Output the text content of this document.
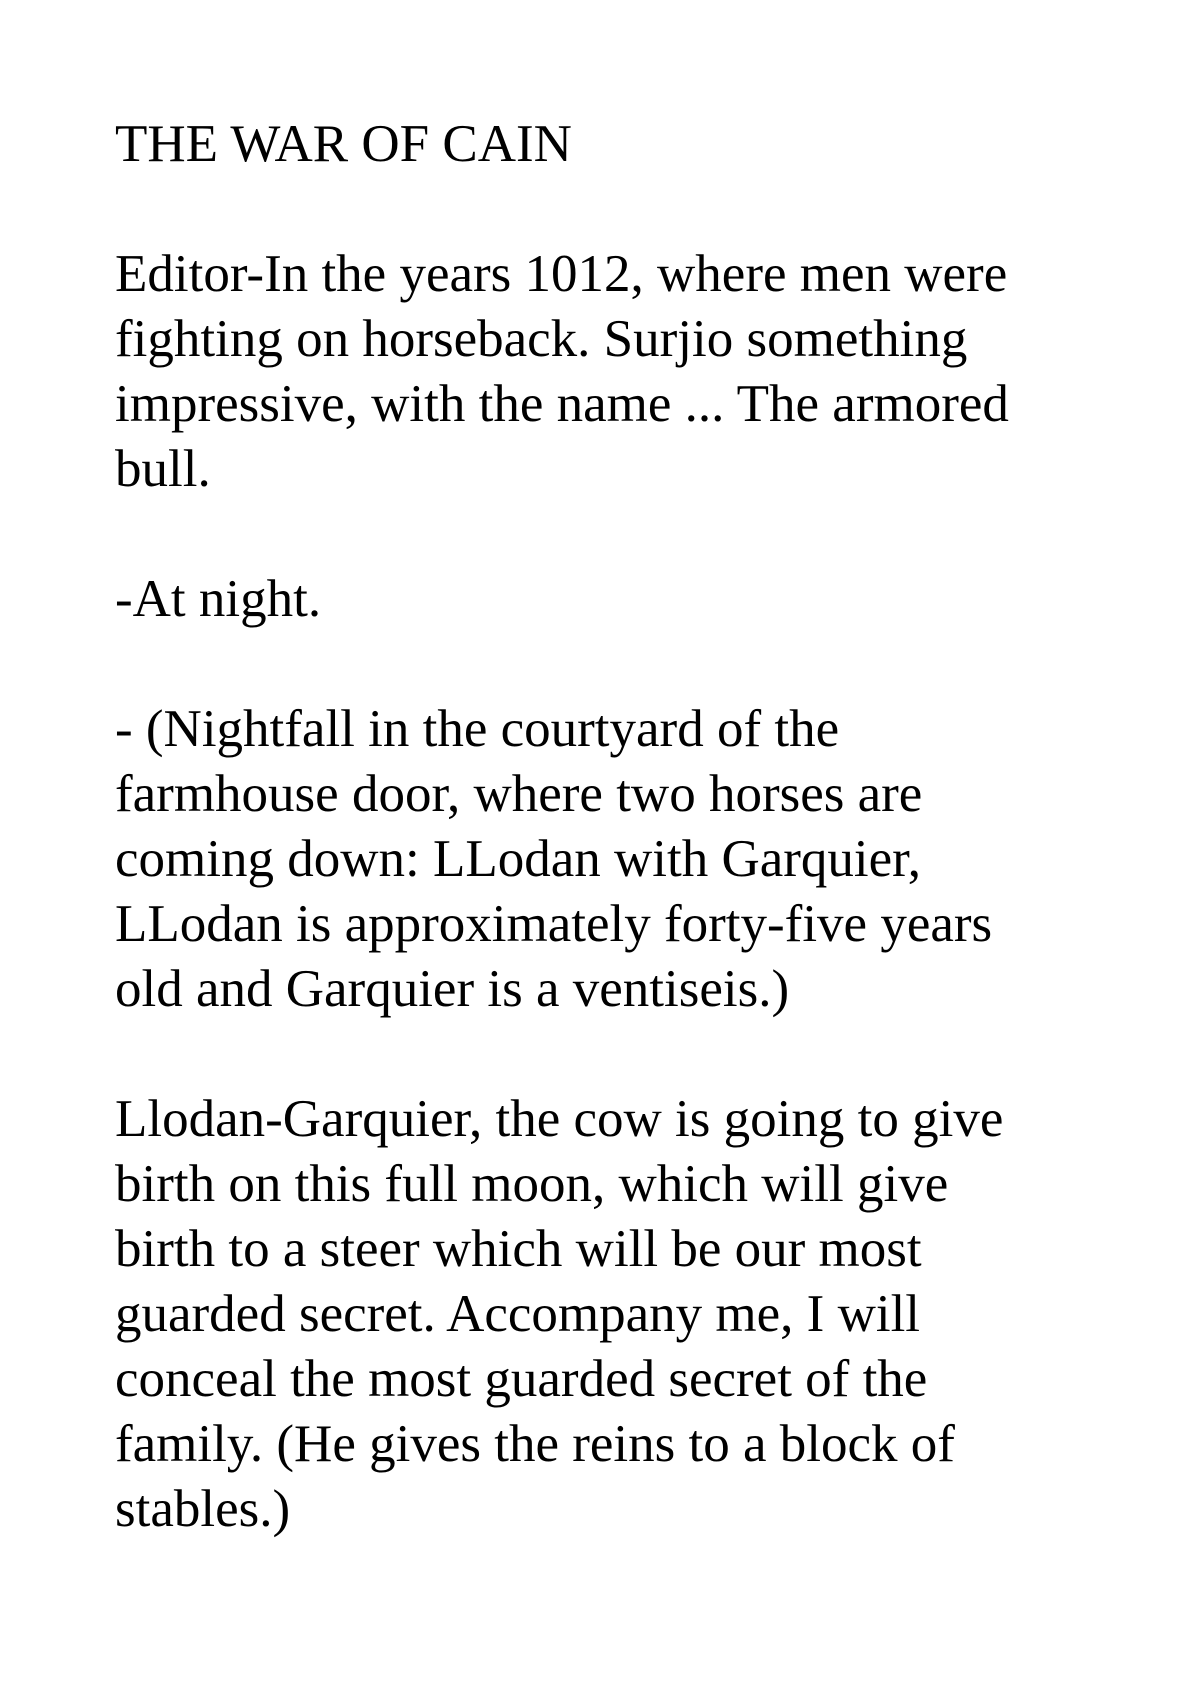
THE WAR OF CAIN

Editor-In the years 1012, where men were
fighting on horseback. Surjio something
impressive, with the name ... The armored
bull.

-At night.

- (Nightfall in the courtyard of the
farmhouse door, where two horses are
coming down: LLodan with Garquier,
LLodan is approximately forty-five years
old and Garquier is a ventiseis.)

Llodan-Garquier, the cow is going to give
birth on this full moon, which will give
birth to a steer which will be our most
guarded secret. Accompany me, I will
conceal the most guarded secret of the
family. (He gives the reins to a block of
stables.)
